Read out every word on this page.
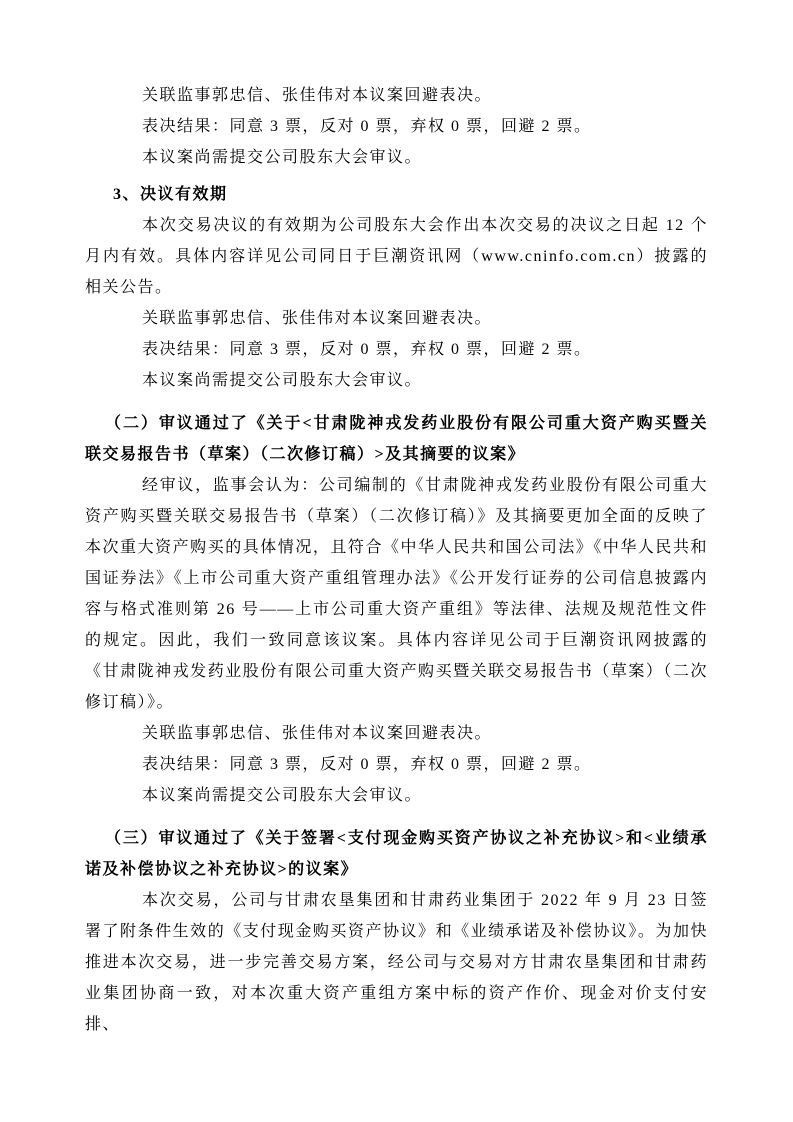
关联监事郭忠信、张佳伟对本议案回避表决。

表决结果：同意 3 票，反对 0 票，弃权 0 票，回避 2 票。

本议案尚需提交公司股东大会审议。

3、决议有效期

本次交易决议的有效期为公司股东大会作出本次交易的决议之日起 12 个月内有效。具体内容详见公司同日于巨潮资讯网（www.cninfo.com.cn）披露的相关公告。

关联监事郭忠信、张佳伟对本议案回避表决。

表决结果：同意 3 票，反对 0 票，弃权 0 票，回避 2 票。

本议案尚需提交公司股东大会审议。

（二）审议通过了《关于<甘肃陇神戎发药业股份有限公司重大资产购买暨关联交易报告书（草案）（二次修订稿）>及其摘要的议案》

经审议，监事会认为：公司编制的《甘肃陇神戎发药业股份有限公司重大资产购买暨关联交易报告书（草案）（二次修订稿）》及其摘要更加全面的反映了本次重大资产购买的具体情况，且符合《中华人民共和国公司法》《中华人民共和国证券法》《上市公司重大资产重组管理办法》《公开发行证券的公司信息披露内容与格式准则第 26 号——上市公司重大资产重组》等法律、法规及规范性文件的规定。因此，我们一致同意该议案。具体内容详见公司于巨潮资讯网披露的《甘肃陇神戎发药业股份有限公司重大资产购买暨关联交易报告书（草案）（二次修订稿）》。

关联监事郭忠信、张佳伟对本议案回避表决。

表决结果：同意 3 票，反对 0 票，弃权 0 票，回避 2 票。

本议案尚需提交公司股东大会审议。

（三）审议通过了《关于签署<支付现金购买资产协议之补充协议>和<业绩承诺及补偿协议之补充协议>的议案》

本次交易，公司与甘肃农垦集团和甘肃药业集团于 2022 年 9 月 23 日签署了附条件生效的《支付现金购买资产协议》和《业绩承诺及补偿协议》。为加快推进本次交易，进一步完善交易方案，经公司与交易对方甘肃农垦集团和甘肃药业集团协商一致，对本次重大资产重组方案中标的资产作价、现金对价支付安排、
